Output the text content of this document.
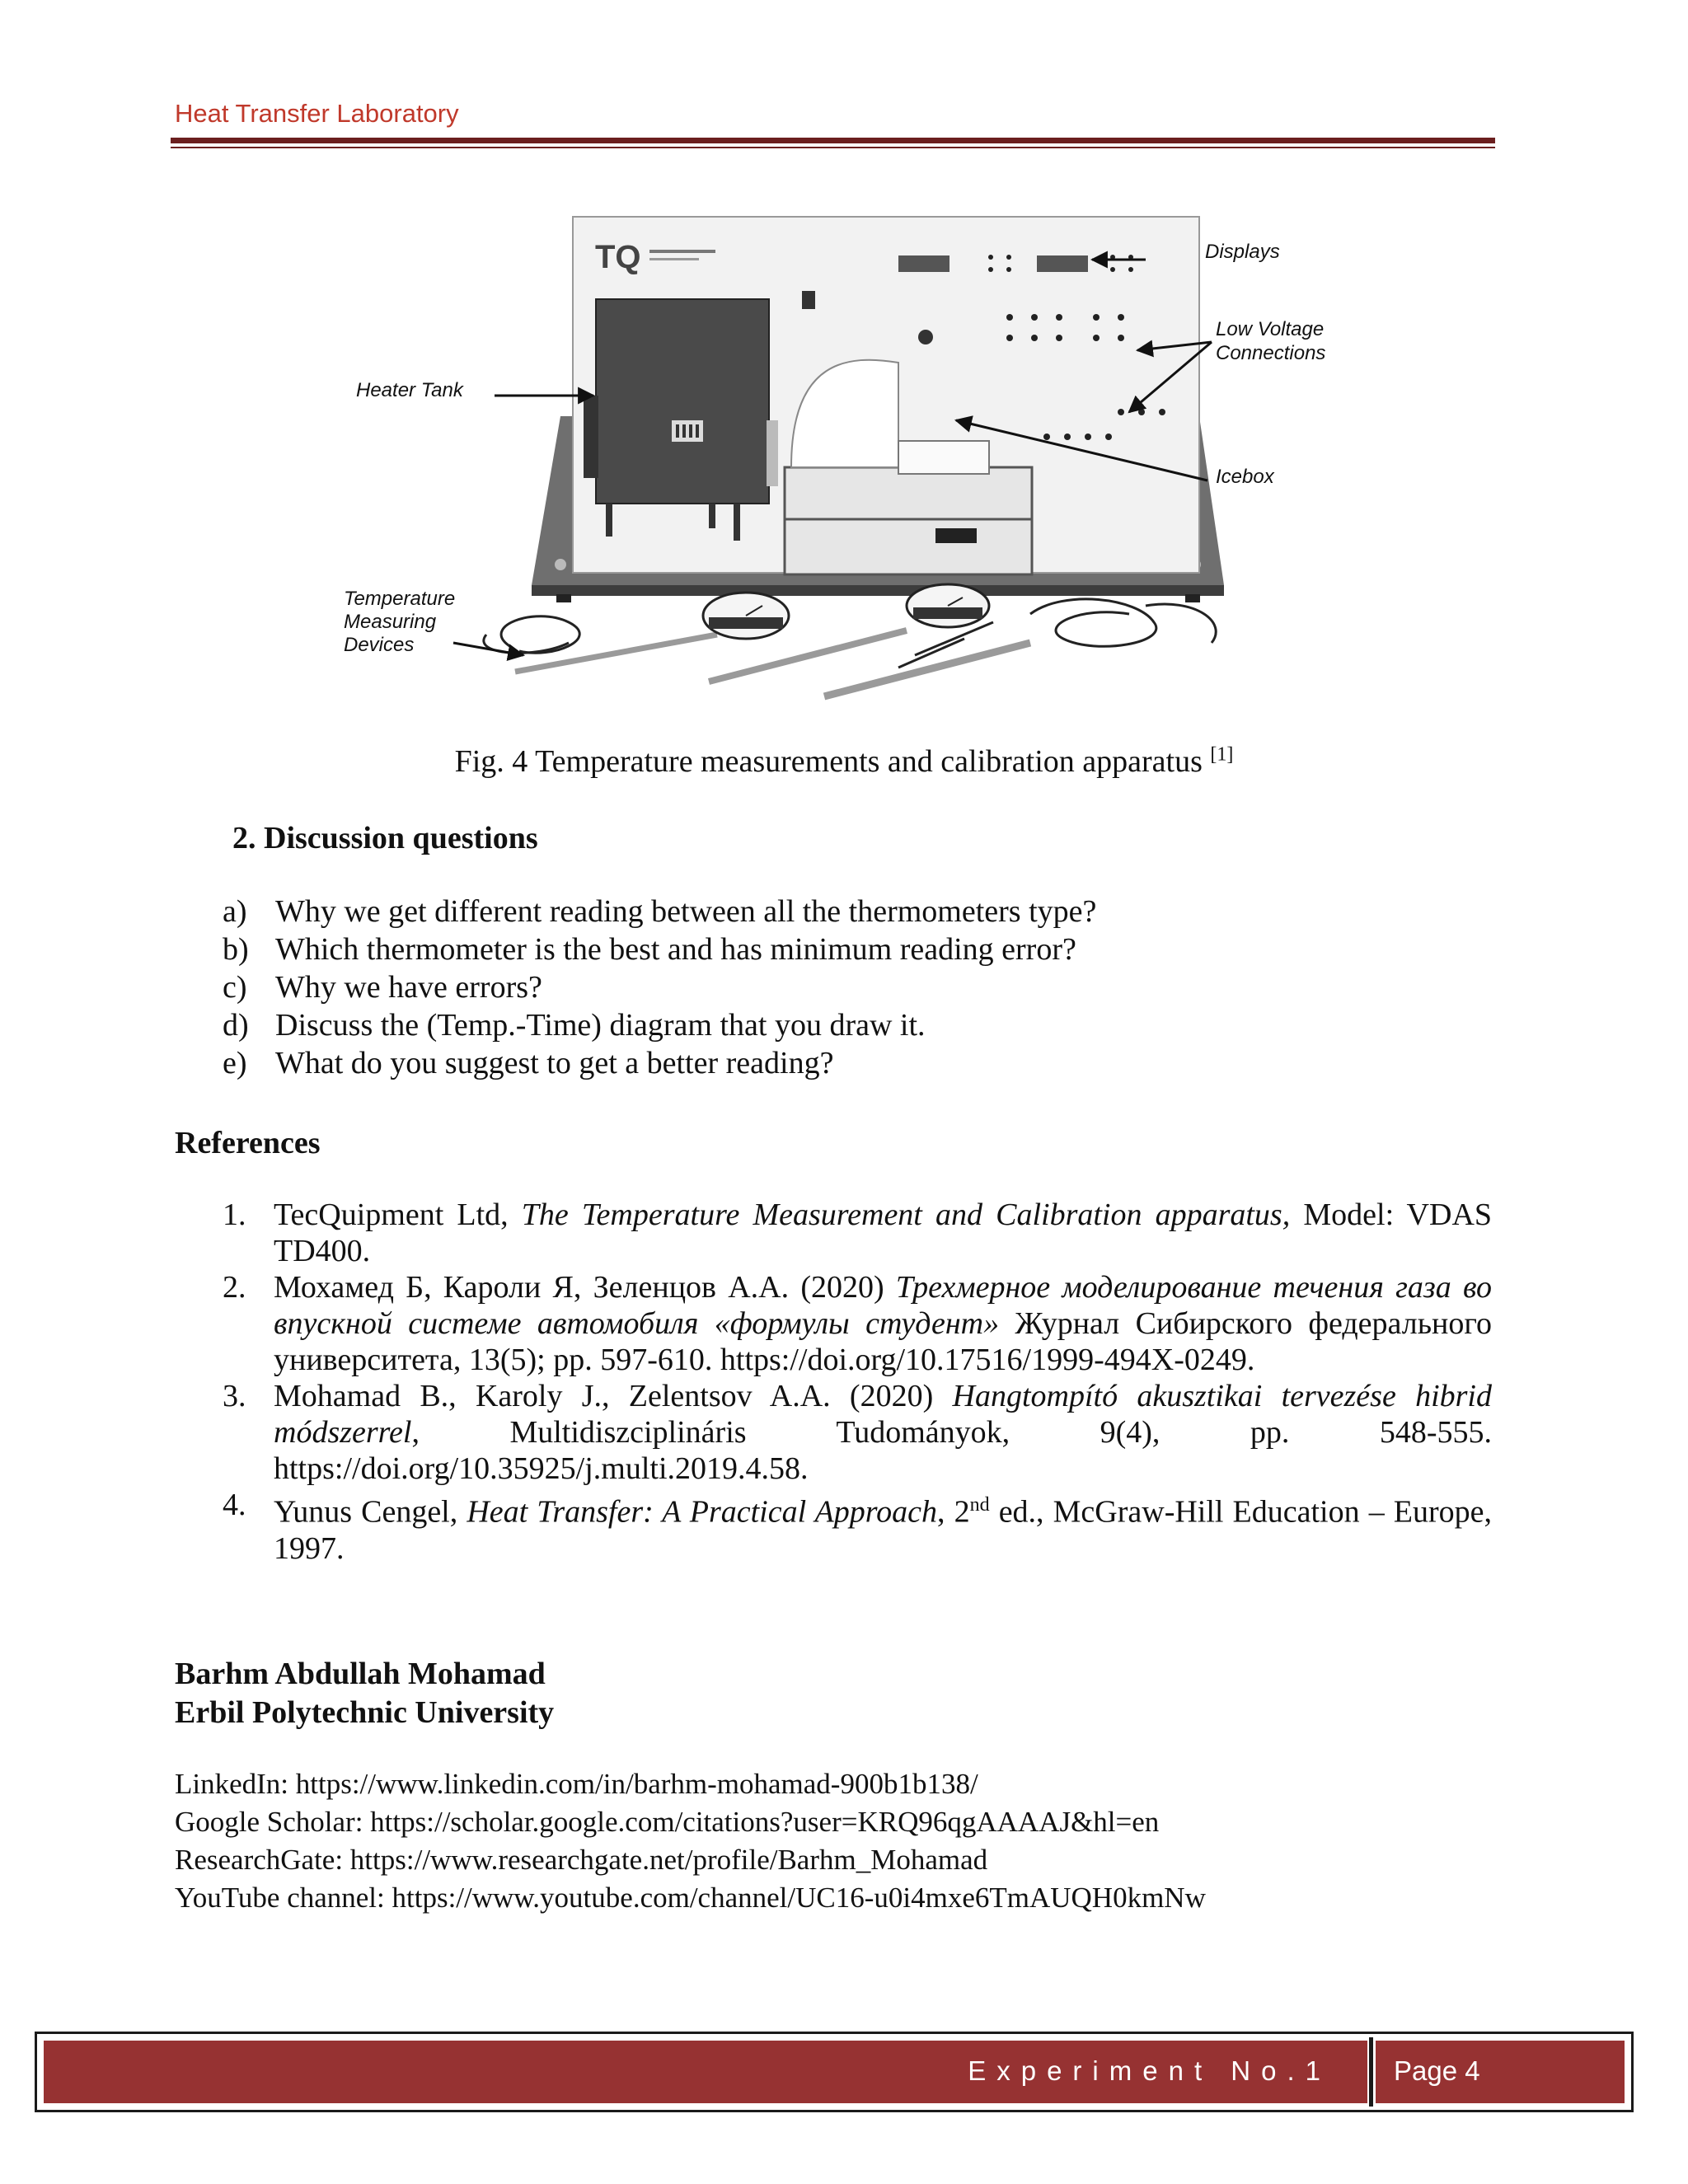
Heat Transfer Laboratory
TQ	Displays
Low Voltage
Connections
Heater Tank
Icebox
Temperature
Measuring
Devices
Fig. 4 Temperature measurements and calibration apparatus [1]
2. Discussion questions
a) Why we get different reading between all the thermometers type?
b) Which thermometer is the best and has minimum reading error?
c) Why we have errors?
d) Discuss the (Temp.-Time) diagram that you draw it.
e) What do you suggest to get a better reading?
References
1. TecQuipment Ltd, The Temperature Measurement and Calibration apparatus, Model: VDAS TD400.
2. Мохамед Б, Кароли Я, Зеленцов А.А. (2020) Трехмерное моделирование течения газа во впускной системе автомобиля «формулы студент» Журнал Сибирского федерального университета, 13(5); pp. 597-610. https://doi.org/10.17516/1999-494X-0249.
3. Mohamad B., Karoly J., Zelentsov A.A. (2020) Hangtompító akusztikai tervezése hibrid módszerrel, Multidiszciplináris Tudományok, 9(4), pp. 548-555. https://doi.org/10.35925/j.multi.2019.4.58.
4. Yunus Cengel, Heat Transfer: A Practical Approach, 2nd ed., McGraw-Hill Education – Europe, 1997.
Barhm Abdullah Mohamad
Erbil Polytechnic University
LinkedIn: https://www.linkedin.com/in/barhm-mohamad-900b1b138/
Google Scholar: https://scholar.google.com/citations?user=KRQ96qgAAAAJ&hl=en
ResearchGate: https://www.researchgate.net/profile/Barhm_Mohamad
YouTube channel: https://www.youtube.com/channel/UC16-u0i4mxe6TmAUQH0kmNw
Experiment No.1 Page 4
